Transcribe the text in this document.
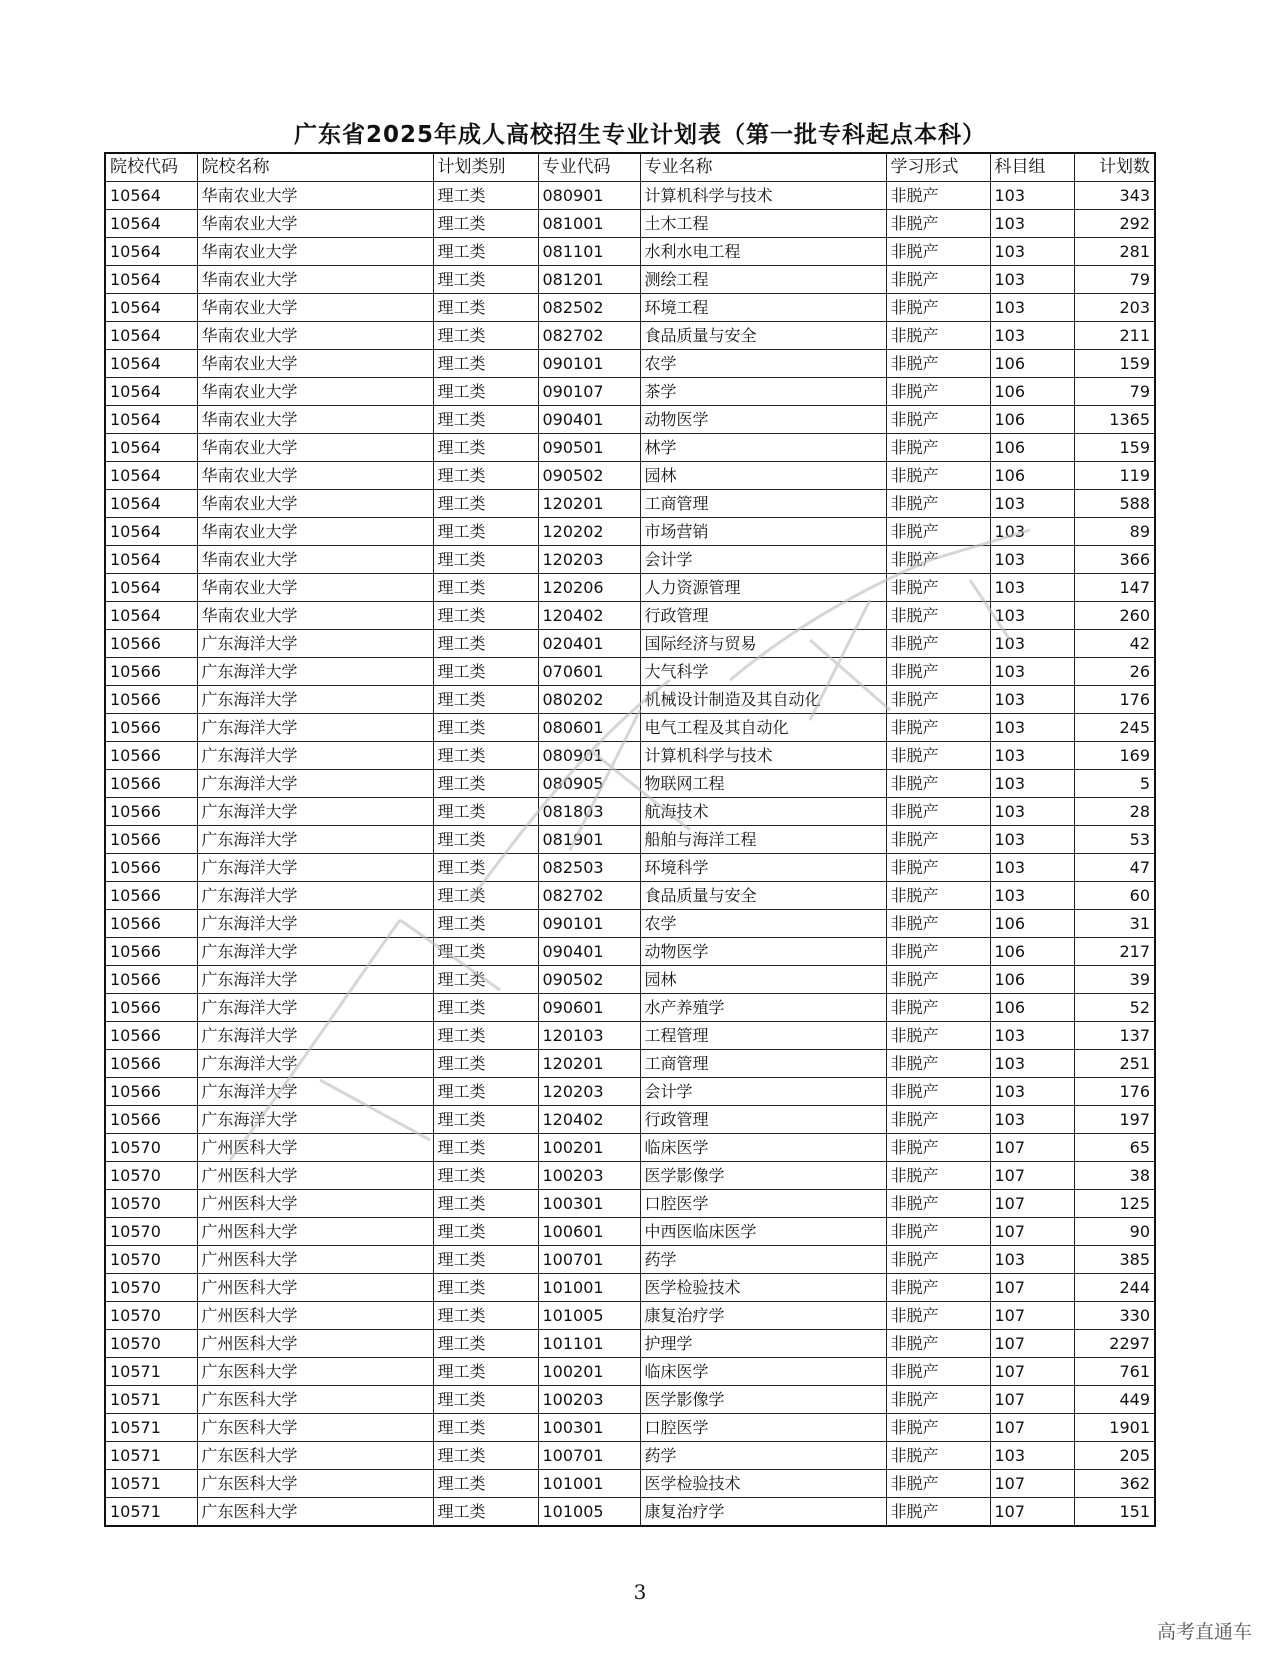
广东省2025年成人高校招生专业计划表（第一批专科起点本科）
院校代码	院校名称	计划类别	专业代码	专业名称	学习形式	科目组	计划数
10564	华南农业大学	理工类	080901	计算机科学与技术	非脱产	103	343
10564	华南农业大学	理工类	081001	土木工程	非脱产	103	292
10564	华南农业大学	理工类	081101	水利水电工程	非脱产	103	281
10564	华南农业大学	理工类	081201	测绘工程	非脱产	103	79
10564	华南农业大学	理工类	082502	环境工程	非脱产	103	203
10564	华南农业大学	理工类	082702	食品质量与安全	非脱产	103	211
10564	华南农业大学	理工类	090101	农学	非脱产	106	159
10564	华南农业大学	理工类	090107	茶学	非脱产	106	79
10564	华南农业大学	理工类	090401	动物医学	非脱产	106	1365
10564	华南农业大学	理工类	090501	林学	非脱产	106	159
10564	华南农业大学	理工类	090502	园林	非脱产	106	119
10564	华南农业大学	理工类	120201	工商管理	非脱产	103	588
10564	华南农业大学	理工类	120202	市场营销	非脱产	103	89
10564	华南农业大学	理工类	120203	会计学	非脱产	103	366
10564	华南农业大学	理工类	120206	人力资源管理	非脱产	103	147
10564	华南农业大学	理工类	120402	行政管理	非脱产	103	260
10566	广东海洋大学	理工类	020401	国际经济与贸易	非脱产	103	42
10566	广东海洋大学	理工类	070601	大气科学	非脱产	103	26
10566	广东海洋大学	理工类	080202	机械设计制造及其自动化	非脱产	103	176
10566	广东海洋大学	理工类	080601	电气工程及其自动化	非脱产	103	245
10566	广东海洋大学	理工类	080901	计算机科学与技术	非脱产	103	169
10566	广东海洋大学	理工类	080905	物联网工程	非脱产	103	5
10566	广东海洋大学	理工类	081803	航海技术	非脱产	103	28
10566	广东海洋大学	理工类	081901	船舶与海洋工程	非脱产	103	53
10566	广东海洋大学	理工类	082503	环境科学	非脱产	103	47
10566	广东海洋大学	理工类	082702	食品质量与安全	非脱产	103	60
10566	广东海洋大学	理工类	090101	农学	非脱产	106	31
10566	广东海洋大学	理工类	090401	动物医学	非脱产	106	217
10566	广东海洋大学	理工类	090502	园林	非脱产	106	39
10566	广东海洋大学	理工类	090601	水产养殖学	非脱产	106	52
10566	广东海洋大学	理工类	120103	工程管理	非脱产	103	137
10566	广东海洋大学	理工类	120201	工商管理	非脱产	103	251
10566	广东海洋大学	理工类	120203	会计学	非脱产	103	176
10566	广东海洋大学	理工类	120402	行政管理	非脱产	103	197
10570	广州医科大学	理工类	100201	临床医学	非脱产	107	65
10570	广州医科大学	理工类	100203	医学影像学	非脱产	107	38
10570	广州医科大学	理工类	100301	口腔医学	非脱产	107	125
10570	广州医科大学	理工类	100601	中西医临床医学	非脱产	107	90
10570	广州医科大学	理工类	100701	药学	非脱产	103	385
10570	广州医科大学	理工类	101001	医学检验技术	非脱产	107	244
10570	广州医科大学	理工类	101005	康复治疗学	非脱产	107	330
10570	广州医科大学	理工类	101101	护理学	非脱产	107	2297
10571	广东医科大学	理工类	100201	临床医学	非脱产	107	761
10571	广东医科大学	理工类	100203	医学影像学	非脱产	107	449
10571	广东医科大学	理工类	100301	口腔医学	非脱产	107	1901
10571	广东医科大学	理工类	100701	药学	非脱产	103	205
10571	广东医科大学	理工类	101001	医学检验技术	非脱产	107	362
10571	广东医科大学	理工类	101005	康复治疗学	非脱产	107	151
3
高考直通车
